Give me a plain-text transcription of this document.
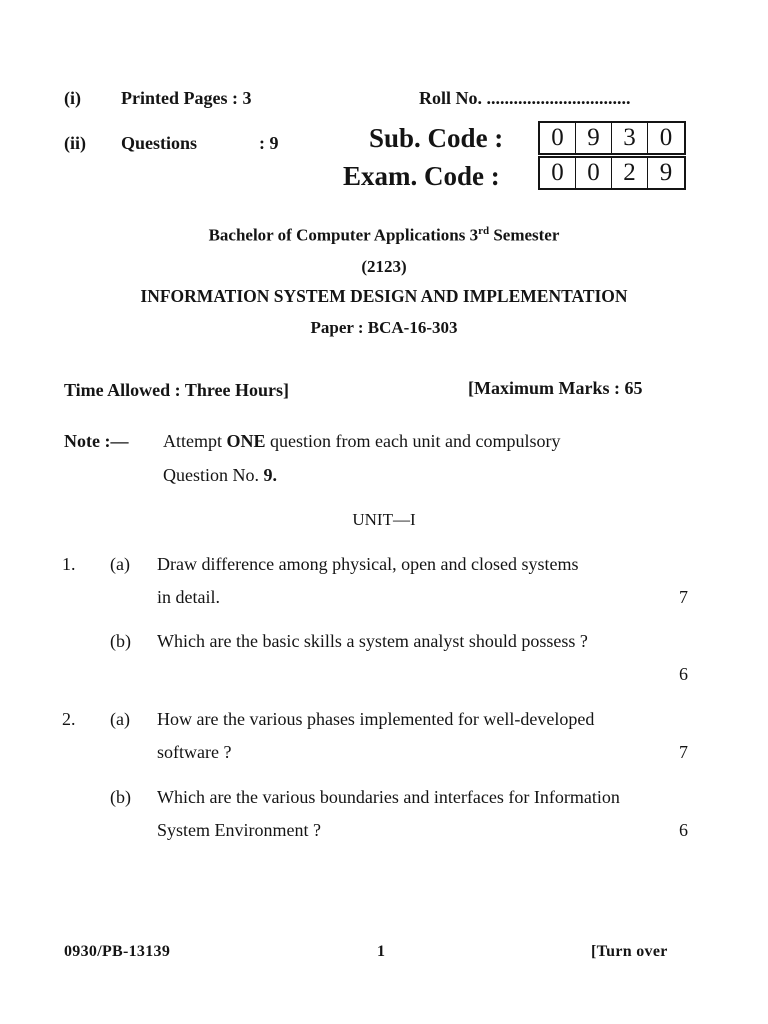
(i) Printed Pages : 3	Roll No. ................................
(ii) Questions	: 9	Sub. Code :	0 9 3 0
Exam. Code :	0 0 2 9
Bachelor of Computer Applications 3rd Semester
(2123)
INFORMATION SYSTEM DESIGN AND IMPLEMENTATION
Paper : BCA-16-303
Time Allowed : Three Hours]	[Maximum Marks : 65
Note :— Attempt ONE question from each unit and compulsory
Question No. 9.
UNIT—I
1. (a) Draw difference among physical, open and closed systems
in detail.	7
(b) Which are the basic skills a system analyst should possess ?
6
2. (a) How are the various phases implemented for well-developed
software ?	7
(b) Which are the various boundaries and interfaces for Information
System Environment ?	6
0930/PB-13139	1	[Turn over
